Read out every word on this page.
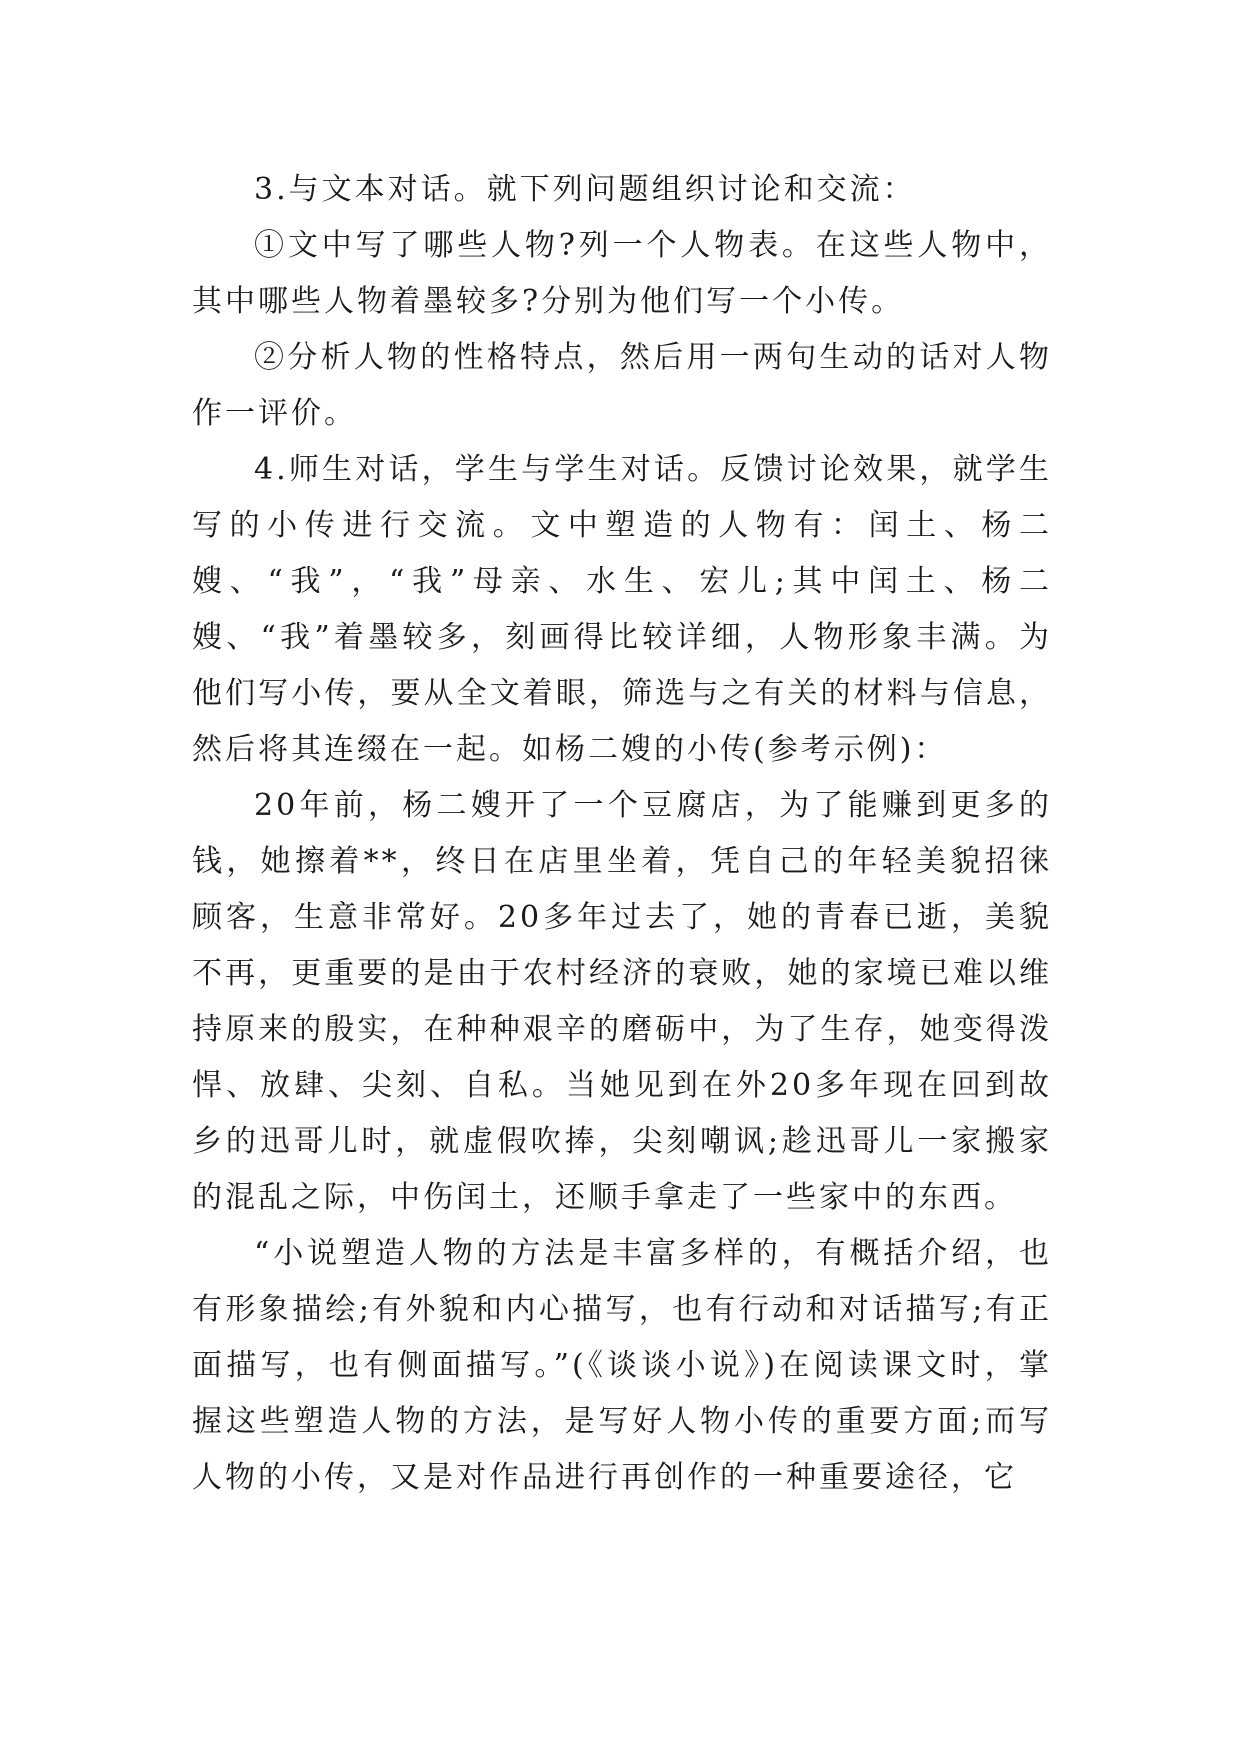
3.与文本对话。就下列问题组织讨论和交流：

①文中写了哪些人物?列一个人物表。在这些人物中，其中哪些人物着墨较多?分别为他们写一个小传。

②分析人物的性格特点，然后用一两句生动的话对人物作一评价。

4.师生对话，学生与学生对话。反馈讨论效果，就学生写的小传进行交流。文中塑造的人物有：闰土、杨二嫂、“我”，“我”母亲、水生、宏儿;其中闰土、杨二嫂、“我”着墨较多，刻画得比较详细，人物形象丰满。为他们写小传，要从全文着眼，筛选与之有关的材料与信息，然后将其连缀在一起。如杨二嫂的小传(参考示例)：

20年前，杨二嫂开了一个豆腐店，为了能赚到更多的钱，她擦着**，终日在店里坐着，凭自己的年轻美貌招徕顾客，生意非常好。20多年过去了，她的青春已逝，美貌不再，更重要的是由于农村经济的衰败，她的家境已难以维持原来的殷实，在种种艰辛的磨砺中，为了生存，她变得泼悍、放肆、尖刻、自私。当她见到在外20多年现在回到故乡的迅哥儿时，就虚假吹捧，尖刻嘲讽;趁迅哥儿一家搬家的混乱之际，中伤闰土，还顺手拿走了一些家中的东西。

“小说塑造人物的方法是丰富多样的，有概括介绍，也有形象描绘;有外貌和内心描写，也有行动和对话描写;有正面描写，也有侧面描写。”(《谈谈小说》)在阅读课文时，掌握这些塑造人物的方法，是写好人物小传的重要方面;而写人物的小传，又是对作品进行再创作的一种重要途径，它
